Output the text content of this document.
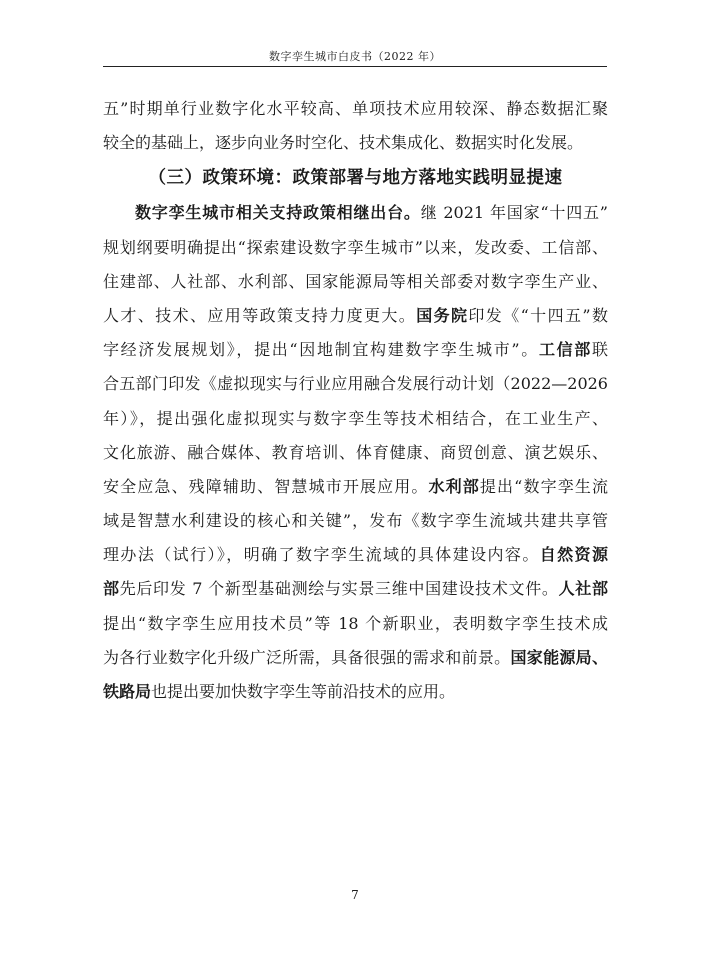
数字孪生城市白皮书（2022 年）
五”时期单行业数字化水平较高、单项技术应用较深、静态数据汇聚
较全的基础上，逐步向业务时空化、技术集成化、数据实时化发展。
（三）政策环境：政策部署与地方落地实践明显提速
数字孪生城市相关支持政策相继出台。继 2021 年国家“十四五”
规划纲要明确提出“探索建设数字孪生城市”以来，发改委、工信部、
住建部、人社部、水利部、国家能源局等相关部委对数字孪生产业、
人才、技术、应用等政策支持力度更大。国务院印发《“十四五”数
字经济发展规划》，提出“因地制宜构建数字孪生城市”。工信部联
合五部门印发《虚拟现实与行业应用融合发展行动计划（2022—2026
年）》，提出强化虚拟现实与数字孪生等技术相结合，在工业生产、
文化旅游、融合媒体、教育培训、体育健康、商贸创意、演艺娱乐、
安全应急、残障辅助、智慧城市开展应用。水利部提出“数字孪生流
域是智慧水利建设的核心和关键”，发布《数字孪生流域共建共享管
理办法（试行）》，明确了数字孪生流域的具体建设内容。自然资源
部先后印发 7 个新型基础测绘与实景三维中国建设技术文件。人社部
提出“数字孪生应用技术员”等 18 个新职业，表明数字孪生技术成
为各行业数字化升级广泛所需，具备很强的需求和前景。国家能源局、
铁路局也提出要加快数字孪生等前沿技术的应用。
7
